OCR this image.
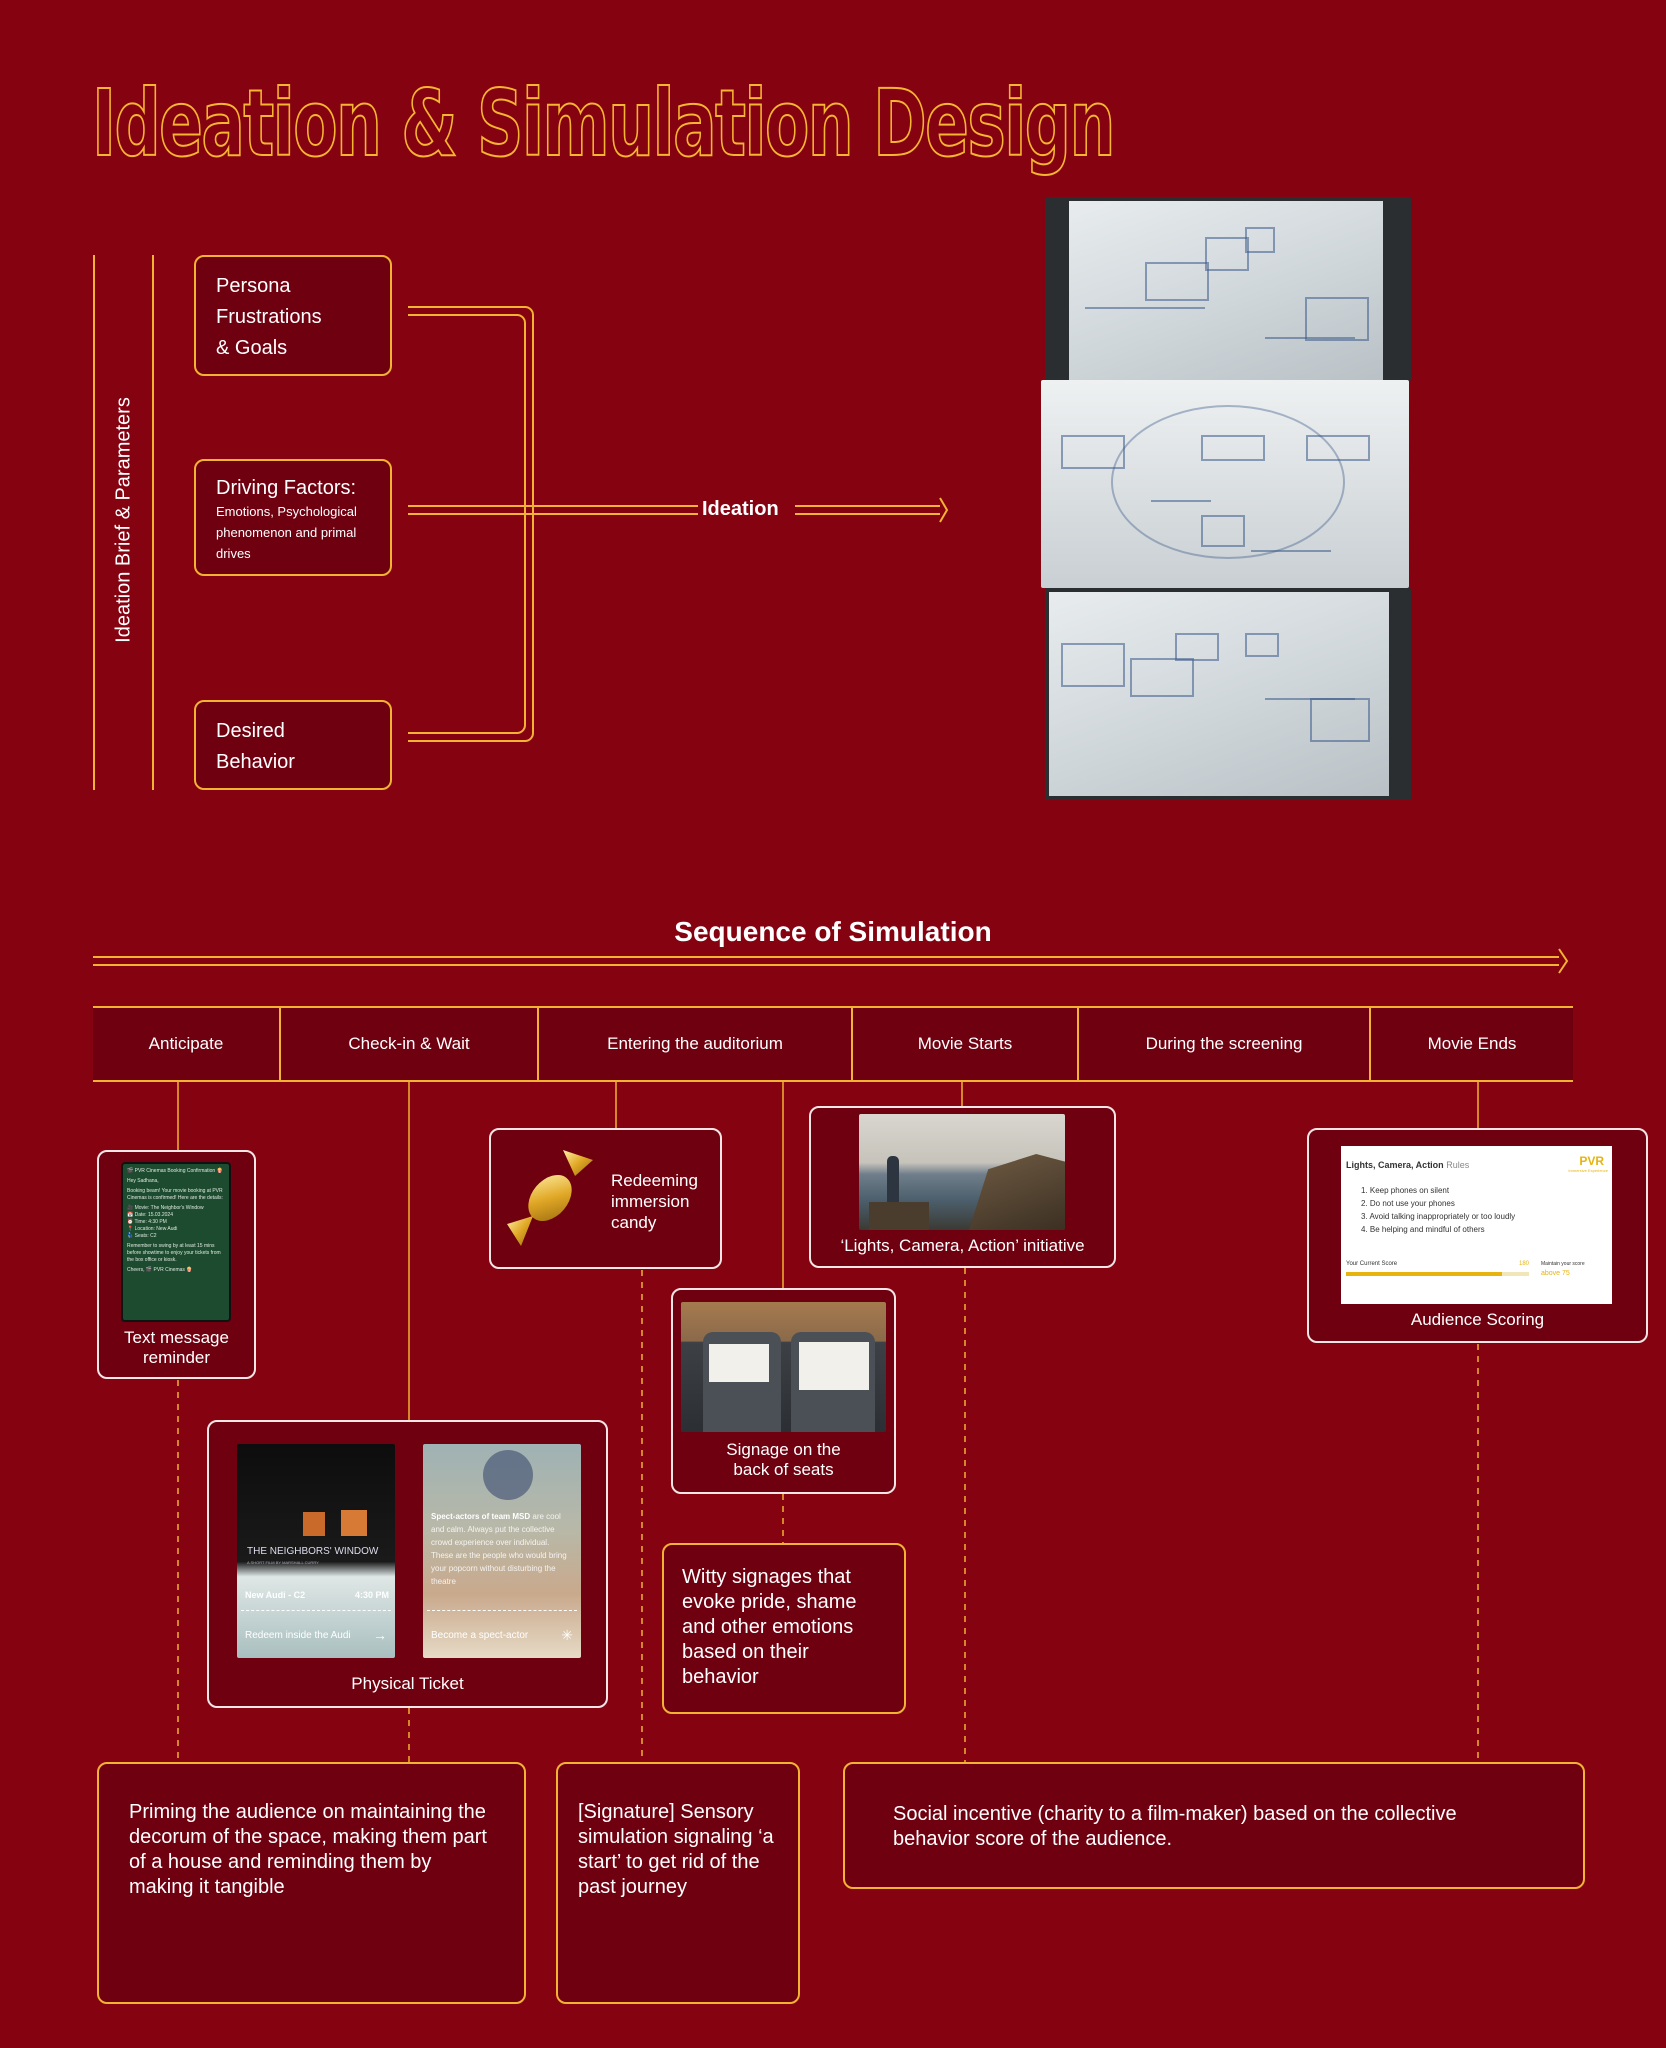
Ideation & Simulation Design
Ideation Brief & Parameters
Persona
Frustrations
& Goals
Driving Factors:
Emotions, Psychological
phenomenon and primal
drives
Desired
Behavior
Ideation
Sequence of Simulation
Anticipate	Check-in & Wait	Entering the auditorium	Movie Starts	During the screening	Movie Ends
🎬 PVR Cinemas Booking Confirmation 🍿
Hey Sadhana,
Booking beam! Your movie booking at PVR Cinemas is confirmed! Here are the details:
🎥 Movie: The Neighbor's Window
📅 Date: 15.03.2024
⏰ Time: 4:30 PM
📍 Location: New Audi
💺 Seats: C2
Remember to swing by at least 15 mins before showtime to enjoy your tickets from the box office or kiosk.
Cheers, 🎬 PVR Cinemas 🍿
Text message
reminder
Redeeming
immersion
candy
‘Lights, Camera, Action’ initiative
Signage on the
back of seats
Lights, Camera, Action Rules	PVR
Immersive Experience
1. Keep phones on silent
2. Do not use your phones
3. Avoid talking inappropriately or too loudly
4. Be helping and mindful of others
Your Current Score	180 Maintain your score
above 75
Audience Scoring
THE NEIGHBORS' WINDOW
A SHORT FILM BY MARSHALL CURRY
New Audi - C2	4:30 PM
Redeem inside the Audi →
Spect-actors of team MSD are cool and calm. Always put the collective crowd experience over individual. These are the people who would bring your popcorn without disturbing the theatre
Become a spect-actor ✳
Physical Ticket
Witty signages that evoke pride, shame and other emotions based on their behavior
Priming the audience on maintaining the decorum of the space, making them part of a house and reminding them by making it tangible
[Signature] Sensory simulation signaling ‘a start’ to get rid of the past journey
Social incentive (charity to a film-maker) based on the collective behavior score of the audience.
